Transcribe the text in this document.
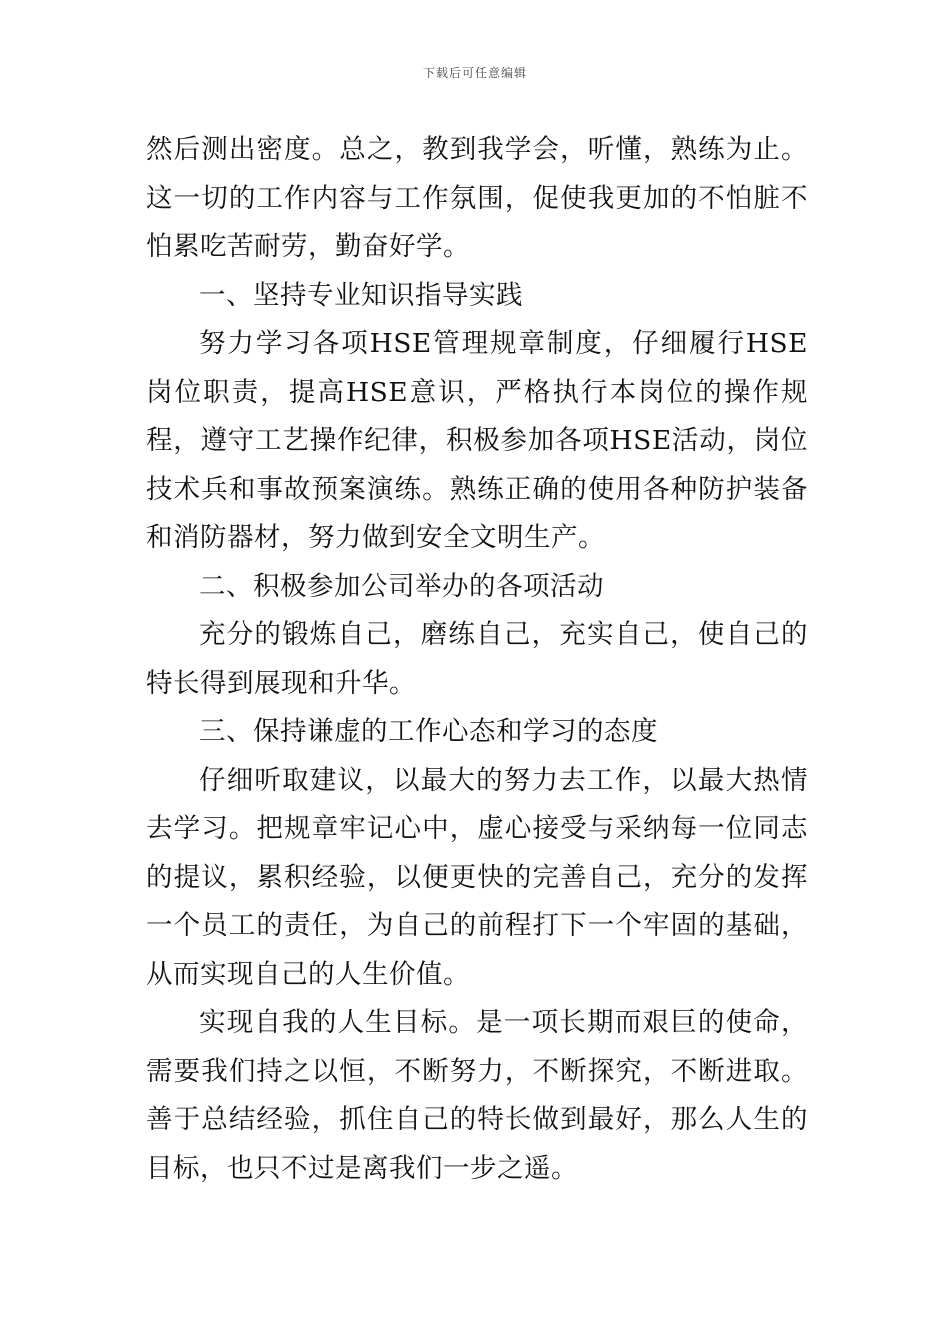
下载后可任意编辑

然后测出密度。总之，教到我学会，听懂，熟练为止。这一切的工作内容与工作氛围，促使我更加的不怕脏不怕累吃苦耐劳，勤奋好学。

一、坚持专业知识指导实践

努力学习各项HSE管理规章制度，仔细履行HSE岗位职责，提高HSE意识，严格执行本岗位的操作规程，遵守工艺操作纪律，积极参加各项HSE活动，岗位技术兵和事故预案演练。熟练正确的使用各种防护装备和消防器材，努力做到安全文明生产。

二、积极参加公司举办的各项活动

充分的锻炼自己，磨练自己，充实自己，使自己的特长得到展现和升华。

三、保持谦虚的工作心态和学习的态度

仔细听取建议，以最大的努力去工作，以最大热情去学习。把规章牢记心中，虚心接受与采纳每一位同志的提议，累积经验，以便更快的完善自己，充分的发挥一个员工的责任，为自己的前程打下一个牢固的基础，从而实现自己的人生价值。

实现自我的人生目标。是一项长期而艰巨的使命，需要我们持之以恒，不断努力，不断探究，不断进取。善于总结经验，抓住自己的特长做到最好，那么人生的目标，也只不过是离我们一步之遥。
